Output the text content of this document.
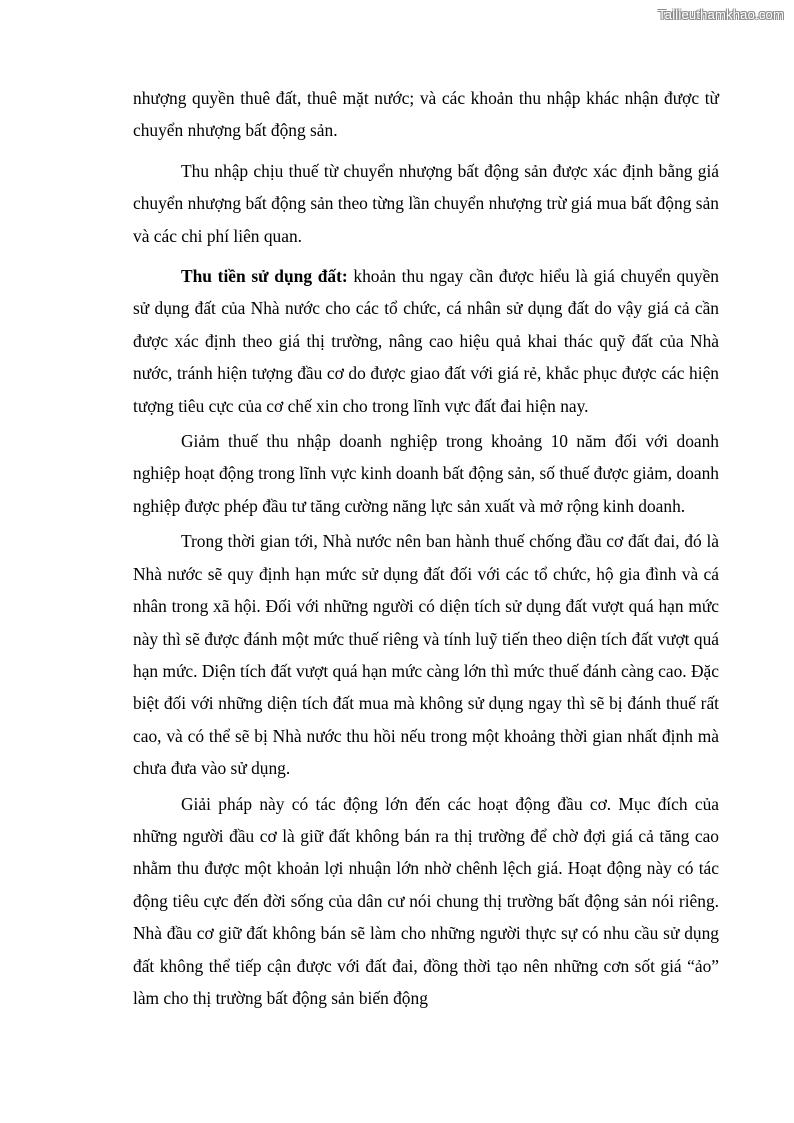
Tailieuthamkhao.com

nhượng quyền thuê đất, thuê mặt nước; và các khoản thu nhập khác nhận được từ chuyển nhượng bất động sản.

Thu nhập chịu thuế từ chuyển nhượng bất động sản được xác định bằng giá chuyển nhượng bất động sản theo từng lần chuyển nhượng trừ giá mua bất động sản và các chi phí liên quan.

Thu tiền sử dụng đất: khoản thu ngay cần được hiểu là giá chuyển quyền sử dụng đất của Nhà nước cho các tổ chức, cá nhân sử dụng đất do vậy giá cả cần được xác định theo giá thị trường, nâng cao hiệu quả khai thác quỹ đất của Nhà nước, tránh hiện tượng đầu cơ do được giao đất với giá rẻ, khắc phục được các hiện tượng tiêu cực của cơ chế xin cho trong lĩnh vực đất đai hiện nay.

Giảm thuế thu nhập doanh nghiệp trong khoảng 10 năm đối với doanh nghiệp hoạt động trong lĩnh vực kinh doanh bất động sản, số thuế được giảm, doanh nghiệp được phép đầu tư tăng cường năng lực sản xuất và mở rộng kinh doanh.

Trong thời gian tới, Nhà nước nên ban hành thuế chống đầu cơ đất đai, đó là Nhà nước sẽ quy định hạn mức sử dụng đất đối với các tổ chức, hộ gia đình và cá nhân trong xã hội. Đối với những người có diện tích sử dụng đất vượt quá hạn mức này thì sẽ được đánh một mức thuế riêng và tính luỹ tiến theo diện tích đất vượt quá hạn mức. Diện tích đất vượt quá hạn mức càng lớn thì mức thuế đánh càng cao. Đặc biệt đối với những diện tích đất mua mà không sử dụng ngay thì sẽ bị đánh thuế rất cao, và có thể sẽ bị Nhà nước thu hồi nếu trong một khoảng thời gian nhất định mà chưa đưa vào sử dụng.

Giải pháp này có tác động lớn đến các hoạt động đầu cơ. Mục đích của những người đầu cơ là giữ đất không bán ra thị trường để chờ đợi giá cả tăng cao nhằm thu được một khoản lợi nhuận lớn nhờ chênh lệch giá. Hoạt động này có tác động tiêu cực đến đời sống của dân cư nói chung thị trường bất động sản nói riêng. Nhà đầu cơ giữ đất không bán sẽ làm cho những người thực sự có nhu cầu sử dụng đất không thể tiếp cận được với đất đai, đồng thời tạo nên những cơn sốt giá “ảo” làm cho thị trường bất động sản biến động
